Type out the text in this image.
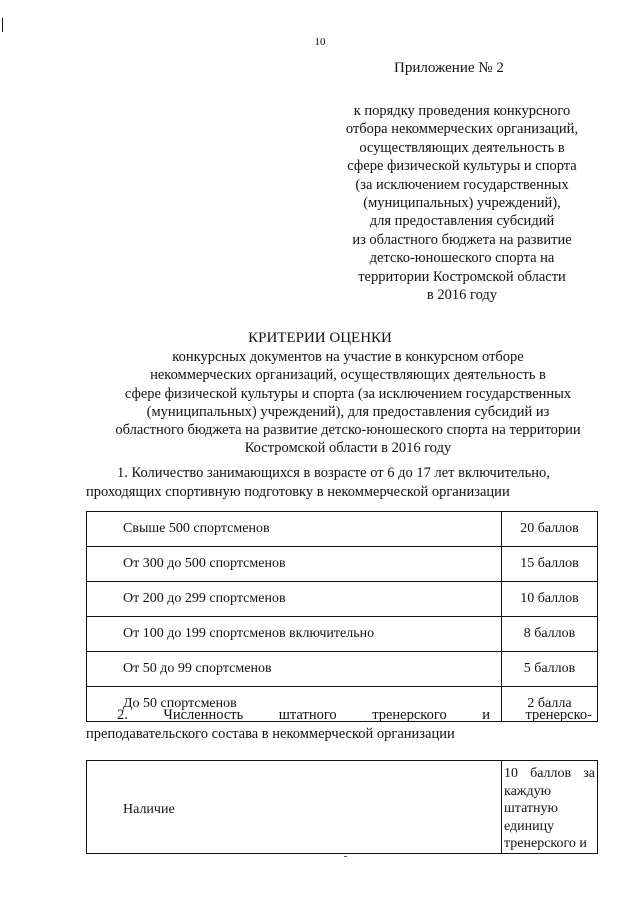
10
Приложение № 2
к порядку проведения конкурсного
отбора некоммерческих организаций,
осуществляющих деятельность в
сфере физической культуры и спорта
(за исключением государственных
(муниципальных) учреждений),
для предоставления субсидий
из областного бюджета на развитие
детско-юношеского спорта на
территории Костромской области
в 2016 году
КРИТЕРИИ ОЦЕНКИ
конкурсных документов на участие в конкурсном отборе
некоммерческих организаций, осуществляющих деятельность в
сфере физической культуры и спорта (за исключением государственных
(муниципальных) учреждений), для предоставления субсидий из
областного бюджета на развитие детско-юношеского спорта на территории
Костромской области в 2016 году
1. Количество занимающихся в возрасте от 6 до 17 лет включительно,
проходящих спортивную подготовку в некоммерческой организации
Свыше 500 спортсменов	20 баллов
От 300 до 500 спортсменов	15 баллов
От 200 до 299 спортсменов	10 баллов
От 100 до 199 спортсменов включительно	8 баллов
От 50 до 99 спортсменов	5 баллов
До 50 спортсменов	2 балла
2. Численность штатного тренерского и тренерско-
преподавательского состава в некоммерческой организации
Наличие	10 баллов за каждую штатную единицу тренерского и
